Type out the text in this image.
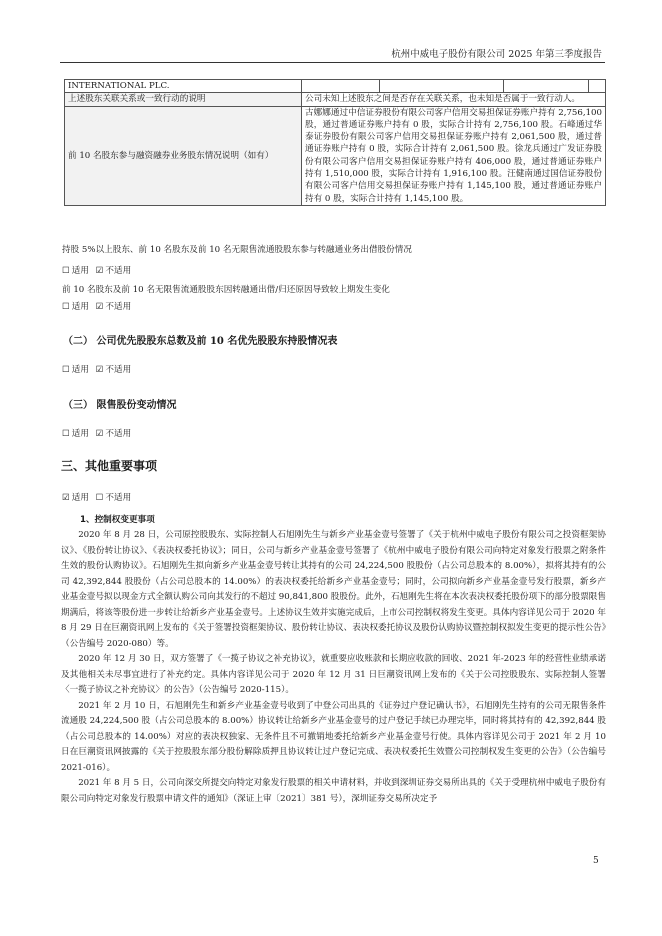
杭州中威电子股份有限公司 2025 年第三季度报告
INTERNATIONAL PLC.				
上述股东关联关系或一致行动的说明	公司未知上述股东之间是否存在关联关系，也未知是否属于一致行动人。			
前 10 名股东参与融资融券业务股东情况说明（如有）	古娜娜通过中信证券股份有限公司客户信用交易担保证券账户持有 2,756,100 股，通过普通证券账户持有 0 股，实际合计持有 2,756,100 股。石峰通过华泰证券股份有限公司客户信用交易担保证券账户持有 2,061,500 股，通过普通证券账户持有 0 股，实际合计持有 2,061,500 股。徐龙兵通过广发证券股份有限公司客户信用交易担保证券账户持有 406,000 股，通过普通证券账户持有 1,510,000 股，实际合计持有 1,916,100 股。汪健南通过国信证券股份有限公司客户信用交易担保证券账户持有 1,145,100 股，通过普通证券账户持有 0 股，实际合计持有 1,145,100 股。			
持股 5%以上股东、前 10 名股东及前 10 名无限售流通股股东参与转融通业务出借股份情况
☐ 适用 ☑ 不适用
前 10 名股东及前 10 名无限售流通股股东因转融通出借/归还原因导致较上期发生变化
☐ 适用 ☑ 不适用
（二） 公司优先股股东总数及前 10 名优先股股东持股情况表
☐ 适用 ☑ 不适用
（三） 限售股份变动情况
☐ 适用 ☑ 不适用
三、其他重要事项
☑ 适用 ☐ 不适用
1、控制权变更事项

2020 年 8 月 28 日，公司原控股股东、实际控制人石旭刚先生与新乡产业基金壹号签署了《关于杭州中威电子股份有限公司之投资框架协议》、《股份转让协议》、《表决权委托协议》；同日，公司与新乡产业基金壹号签署了《杭州中威电子股份有限公司向特定对象发行股票之附条件生效的股份认购协议》。石旭刚先生拟向新乡产业基金壹号转让其持有的公司 24,224,500 股股份（占公司总股本的 8.00%），拟将其持有的公司 42,392,844 股股份（占公司总股本的 14.00%）的表决权委托给新乡产业基金壹号；同时，公司拟向新乡产业基金壹号发行股票，新乡产业基金壹号拟以现金方式全额认购公司向其发行的不超过 90,841,800 股股份。此外，石旭刚先生将在本次表决权委托股份项下的部分股票限售期满后，将该等股份进一步转让给新乡产业基金壹号。上述协议生效并实施完成后，上市公司控制权将发生变更。具体内容详见公司于 2020 年 8 月 29 日在巨潮资讯网上发布的《关于签署投资框架协议、股份转让协议、表决权委托协议及股份认购协议暨控制权拟发生变更的提示性公告》（公告编号 2020-080）等。

2020 年 12 月 30 日，双方签署了《一揽子协议之补充协议》，就重要应收账款和长期应收款的回收、2021 年-2023 年的经营性业绩承诺及其他相关未尽事宜进行了补充约定。具体内容详见公司于 2020 年 12 月 31 日巨潮资讯网上发布的《关于公司控股股东、实际控制人签署〈一揽子协议之补充协议〉的公告》（公告编号 2020-115）。

2021 年 2 月 10 日，石旭刚先生和新乡产业基金壹号收到了中登公司出具的《证券过户登记确认书》，石旭刚先生持有的公司无限售条件流通股 24,224,500 股（占公司总股本的 8.00%）协议转让给新乡产业基金壹号的过户登记手续已办理完毕，同时将其持有的 42,392,844 股（占公司总股本的 14.00%）对应的表决权独家、无条件且不可撤销地委托给新乡产业基金壹号行使。具体内容详见公司于 2021 年 2 月 10 日在巨潮资讯网披露的《关于控股股东部分股份解除质押且协议转让过户登记完成、表决权委托生效暨公司控制权发生变更的公告》（公告编号 2021-016）。

2021 年 8 月 5 日，公司向深交所提交向特定对象发行股票的相关申请材料，并收到深圳证券交易所出具的《关于受理杭州中威电子股份有限公司向特定对象发行股票申请文件的通知》（深证上审〔2021〕381 号），深圳证券交易所决定予

5
